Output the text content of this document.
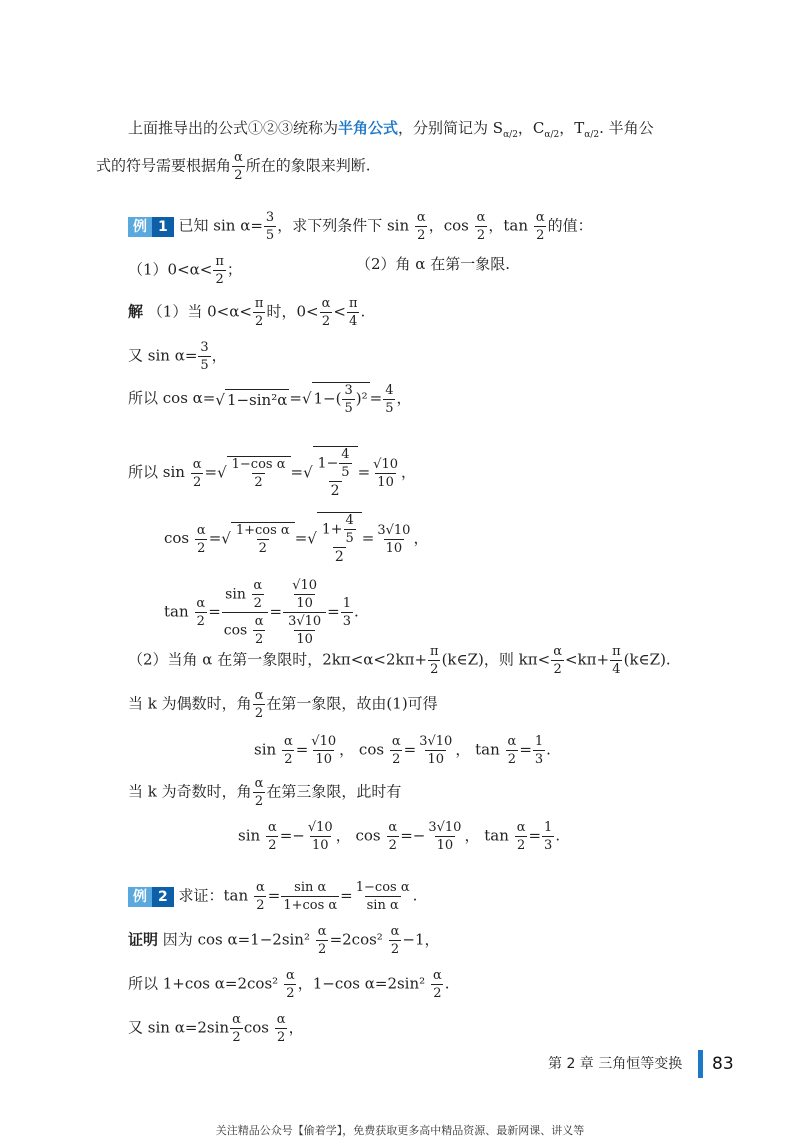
上面推导出的公式①②③统称为半角公式，分别简记为 $S_{\alpha/2}$，$C_{\alpha/2}$，$T_{\alpha/2}$. 半角公
式的符号需要根据角 $\frac{\alpha}{2}$ 所在的象限来判断.
例 1 已知 $\sin \alpha= \frac{3}{5}$ ，求下列条件下 $\sin \frac{\alpha}{2}$ ，$\cos \frac{\alpha}{2}$ ，$\tan \frac{\alpha}{2}$ 的值：
$(1)0<\alpha< \frac{\pi}{2}$ ；	（2）角 α 在第一象限.
解 （1）当 $0<\alpha< \frac{\pi}{2}$ 时，$0< \frac{\alpha}{2} < \frac{\pi}{4}$ .
又 $\sin \alpha= \frac{3}{5}$ ，
所以 cos α=√ 1−sin²α =√ $1-( \frac{3}{5} )^2 = \frac{4}{5}$ ，
所以 $\sin \frac{\alpha}{2}$ =√ $\frac{\text{1−cos α}}{2}$ =√ $\frac{1- \frac{4}{5}}{2} = \frac{√10}{10}$ ，
$\cos \frac{\alpha}{2}$ =√ $\frac{\text{1+cos α}}{2}$ =√ $\frac{1+ \frac{4}{5}}{2} = \frac{3√10}{10}$ ，
$\tan \frac{\alpha}{2} = \frac{\sin \frac{\alpha}{2}}{\cos \frac{\alpha}{2}} = \frac{\frac{√10}{10}}{\frac{3√10}{10}} = \frac{1}{3}$ .
（2）当角 α 在第一象限时，$2k\pi<\alpha<2k\pi+ \frac{\pi}{2}$ (k∈Z)，则 $k\pi< \frac{\alpha}{2} <k\pi+ \frac{\pi}{4}$ (k∈Z).
当 k 为偶数时，角 $\frac{\alpha}{2}$ 在第一象限，故由(1)可得
$\sin \frac{\alpha}{2} = \frac{√10}{10}$ ， $\cos \frac{\alpha}{2} = \frac{3√10}{10}$ ， $\tan \frac{\alpha}{2} = \frac{1}{3}$ .
当 k 为奇数时，角 $\frac{\alpha}{2}$ 在第三象限，此时有
$\sin \frac{\alpha}{2} =- \frac{√10}{10}$ ， $\cos \frac{\alpha}{2} =- \frac{3√10}{10}$ ， $\tan \frac{\alpha}{2} = \frac{1}{3}$ .
例 2 求证：$\tan \frac{\alpha}{2} = \frac{\text{sin α}}{\text{1+cos α}} = \frac{\text{1−cos α}}{\text{sin α}}$ .
证明 因为 $\cos \alpha=1-2\sin^2 \frac{\alpha}{2} =2\cos^2 \frac{\alpha}{2} -1$，
所以 1+cos $\alpha=2\cos^2 \frac{\alpha}{2}$ ，1−cos $\alpha=2\sin^2 \frac{\alpha}{2}$ .
又 $\sin \alpha=2\sin \frac{\alpha}{2}$ $\cos \frac{\alpha}{2}$ ，
第 2 章 三角恒等变换 83
关注精品公众号【偷着学】，免费获取更多高中精品资源、最新网课、讲义等
